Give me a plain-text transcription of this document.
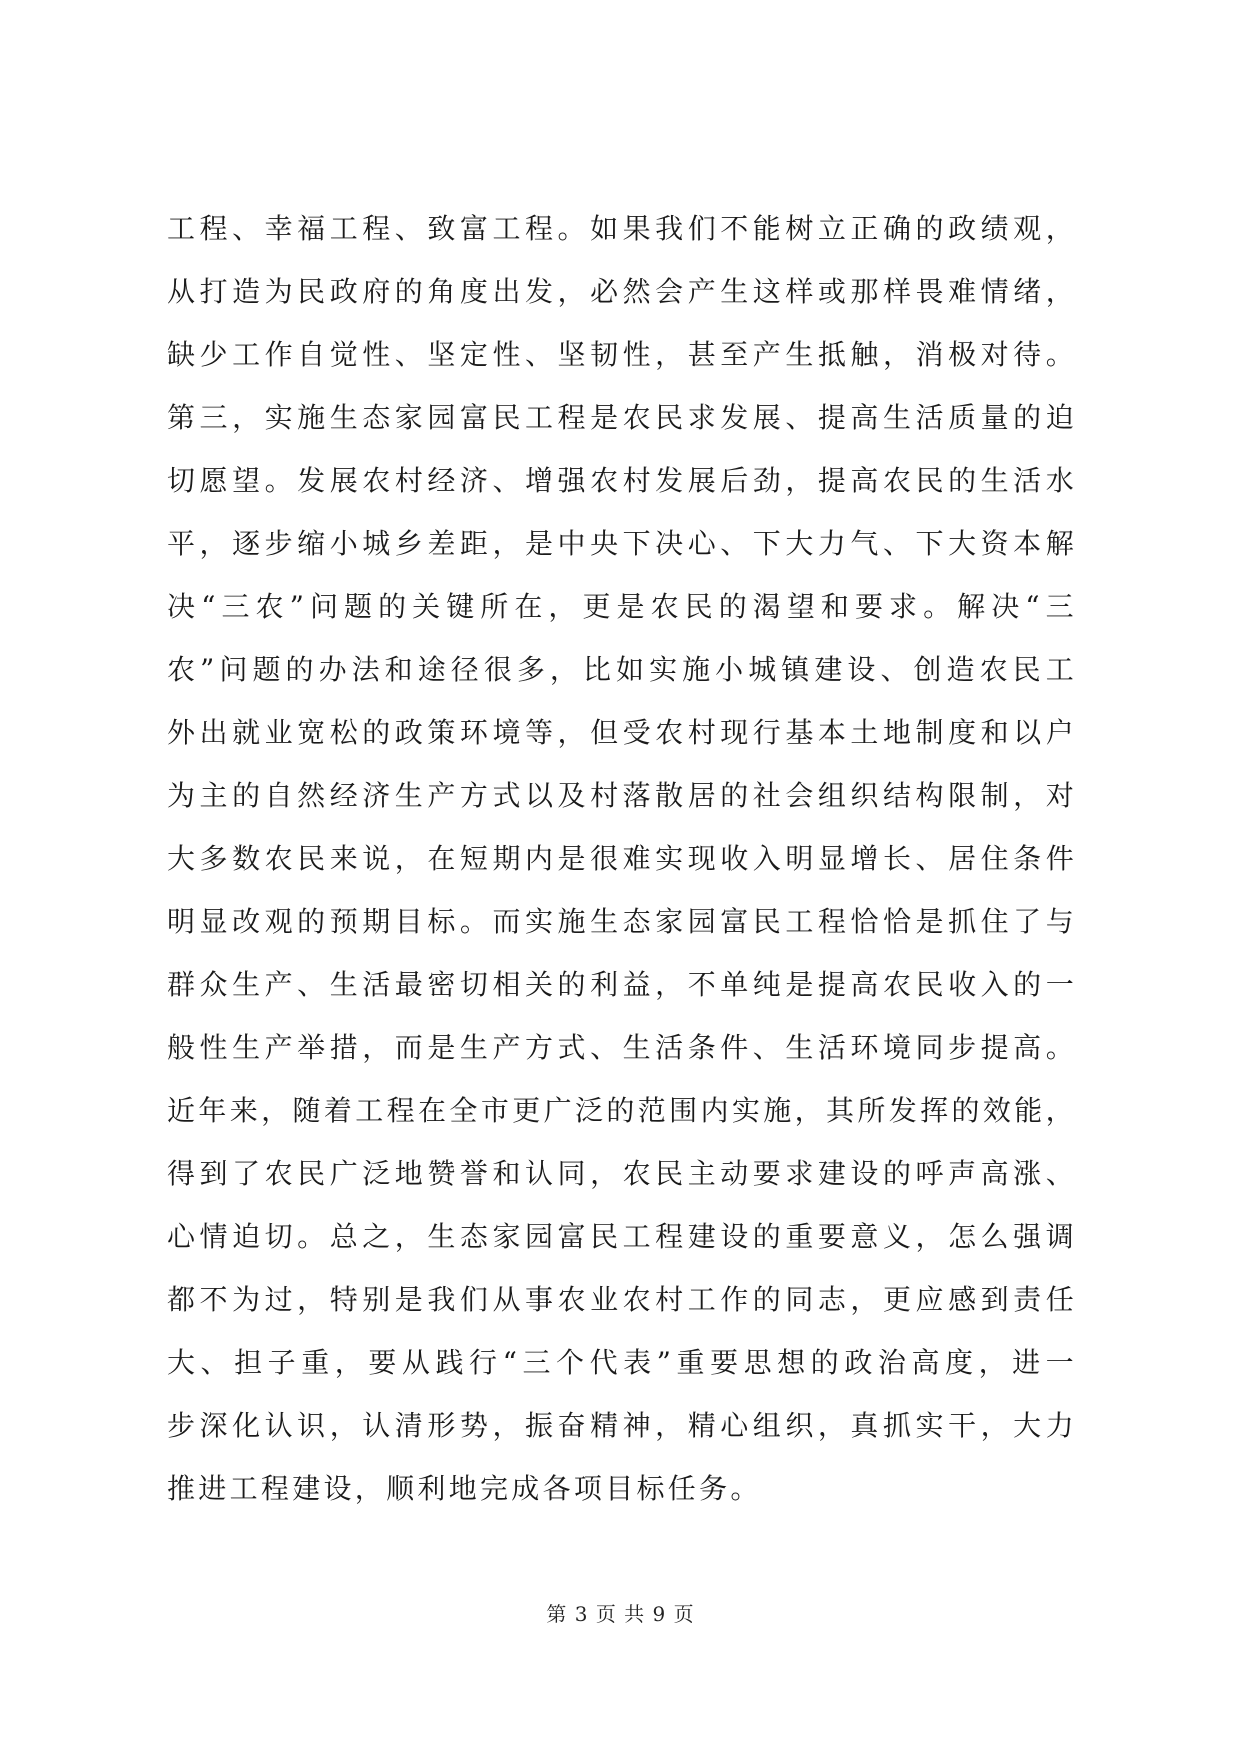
工程、幸福工程、致富工程。如果我们不能树立正确的政绩观，
从打造为民政府的角度出发，必然会产生这样或那样畏难情绪，
缺少工作自觉性、坚定性、坚韧性，甚至产生抵触，消极对待。
第三，实施生态家园富民工程是农民求发展、提高生活质量的迫
切愿望。发展农村经济、增强农村发展后劲，提高农民的生活水
平，逐步缩小城乡差距，是中央下决心、下大力气、下大资本解
决“三农”问题的关键所在，更是农民的渴望和要求。解决“三
农”问题的办法和途径很多，比如实施小城镇建设、创造农民工
外出就业宽松的政策环境等，但受农村现行基本土地制度和以户
为主的自然经济生产方式以及村落散居的社会组织结构限制，对
大多数农民来说，在短期内是很难实现收入明显增长、居住条件
明显改观的预期目标。而实施生态家园富民工程恰恰是抓住了与
群众生产、生活最密切相关的利益，不单纯是提高农民收入的一
般性生产举措，而是生产方式、生活条件、生活环境同步提高。
近年来，随着工程在全市更广泛的范围内实施，其所发挥的效能，
得到了农民广泛地赞誉和认同，农民主动要求建设的呼声高涨、
心情迫切。总之，生态家园富民工程建设的重要意义，怎么强调
都不为过，特别是我们从事农业农村工作的同志，更应感到责任
大、担子重，要从践行“三个代表”重要思想的政治高度，进一
步深化认识，认清形势，振奋精神，精心组织，真抓实干，大力
推进工程建设，顺利地完成各项目标任务。
第 3 页 共 9 页
